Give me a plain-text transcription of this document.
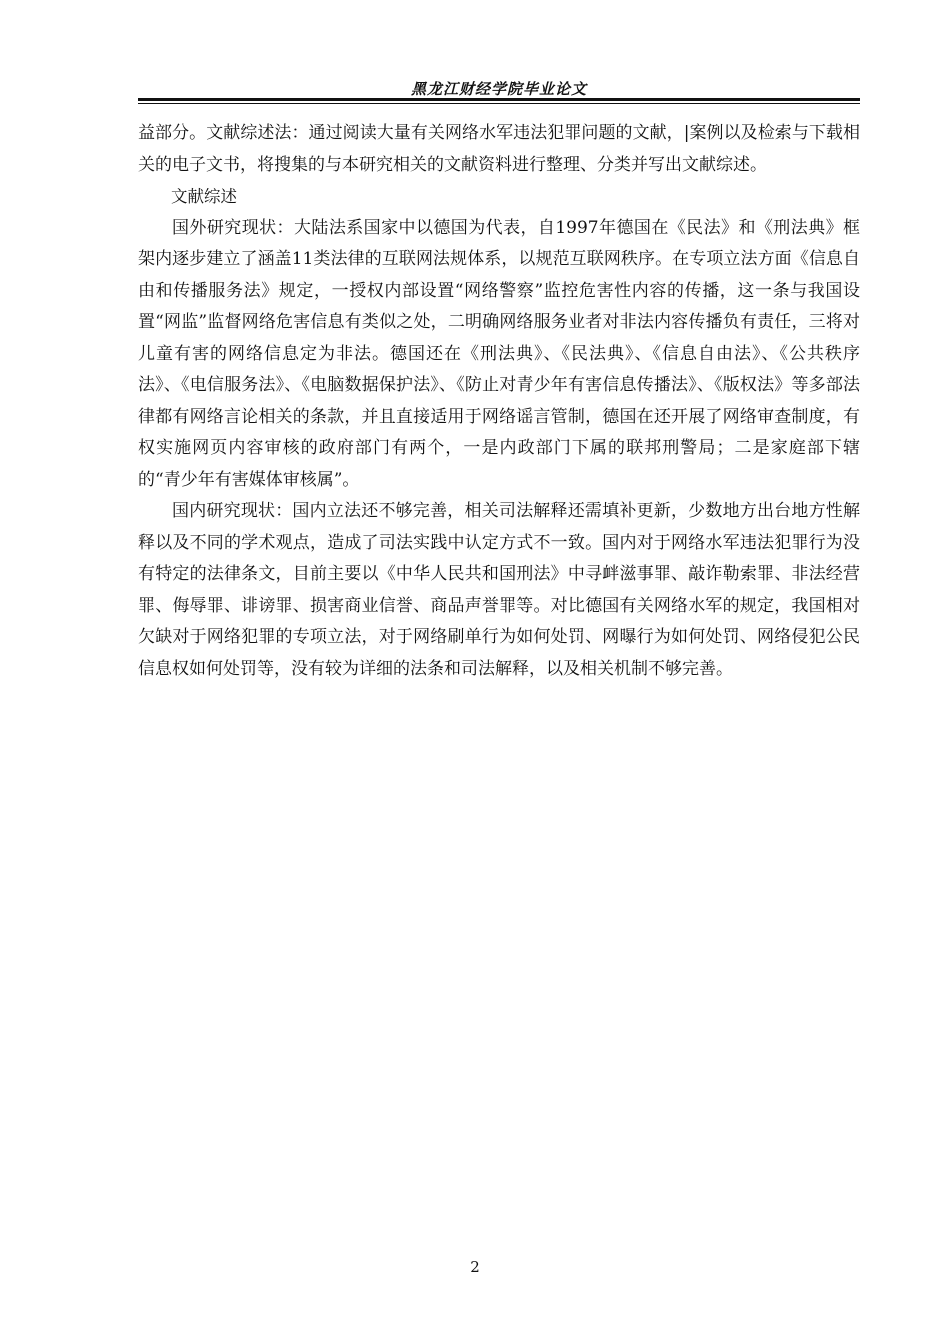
黑龙江财经学院毕业论文

益部分。文献综述法：通过阅读大量有关网络水军违法犯罪问题的文献，|案例以及检索与下载相关的电子文书，将搜集的与本研究相关的文献资料进行整理、分类并写出文献综述。

文献综述

国外研究现状：大陆法系国家中以德国为代表，自1997年德国在《民法》和《刑法典》框架内逐步建立了涵盖11类法律的互联网法规体系，以规范互联网秩序。在专项立法方面《信息自由和传播服务法》规定，一授权内部设置“网络警察”监控危害性内容的传播，这一条与我国设置“网监”监督网络危害信息有类似之处，二明确网络服务业者对非法内容传播负有责任，三将对儿童有害的网络信息定为非法。德国还在《刑法典》、《民法典》、《信息自由法》、《公共秩序法》、《电信服务法》、《电脑数据保护法》、《防止对青少年有害信息传播法》、《版权法》等多部法律都有网络言论相关的条款，并且直接适用于网络谣言管制，德国在还开展了网络审查制度，有权实施网页内容审核的政府部门有两个，一是内政部门下属的联邦刑警局；二是家庭部下辖的“青少年有害媒体审核属”。

国内研究现状：国内立法还不够完善，相关司法解释还需填补更新，少数地方出台地方性解释以及不同的学术观点，造成了司法实践中认定方式不一致。国内对于网络水军违法犯罪行为没有特定的法律条文，目前主要以《中华人民共和国刑法》中寻衅滋事罪、敲诈勒索罪、非法经营罪、侮辱罪、诽谤罪、损害商业信誉、商品声誉罪等。对比德国有关网络水军的规定，我国相对欠缺对于网络犯罪的专项立法，对于网络刷单行为如何处罚、网曝行为如何处罚、网络侵犯公民信息权如何处罚等，没有较为详细的法条和司法解释，以及相关机制不够完善。

2
